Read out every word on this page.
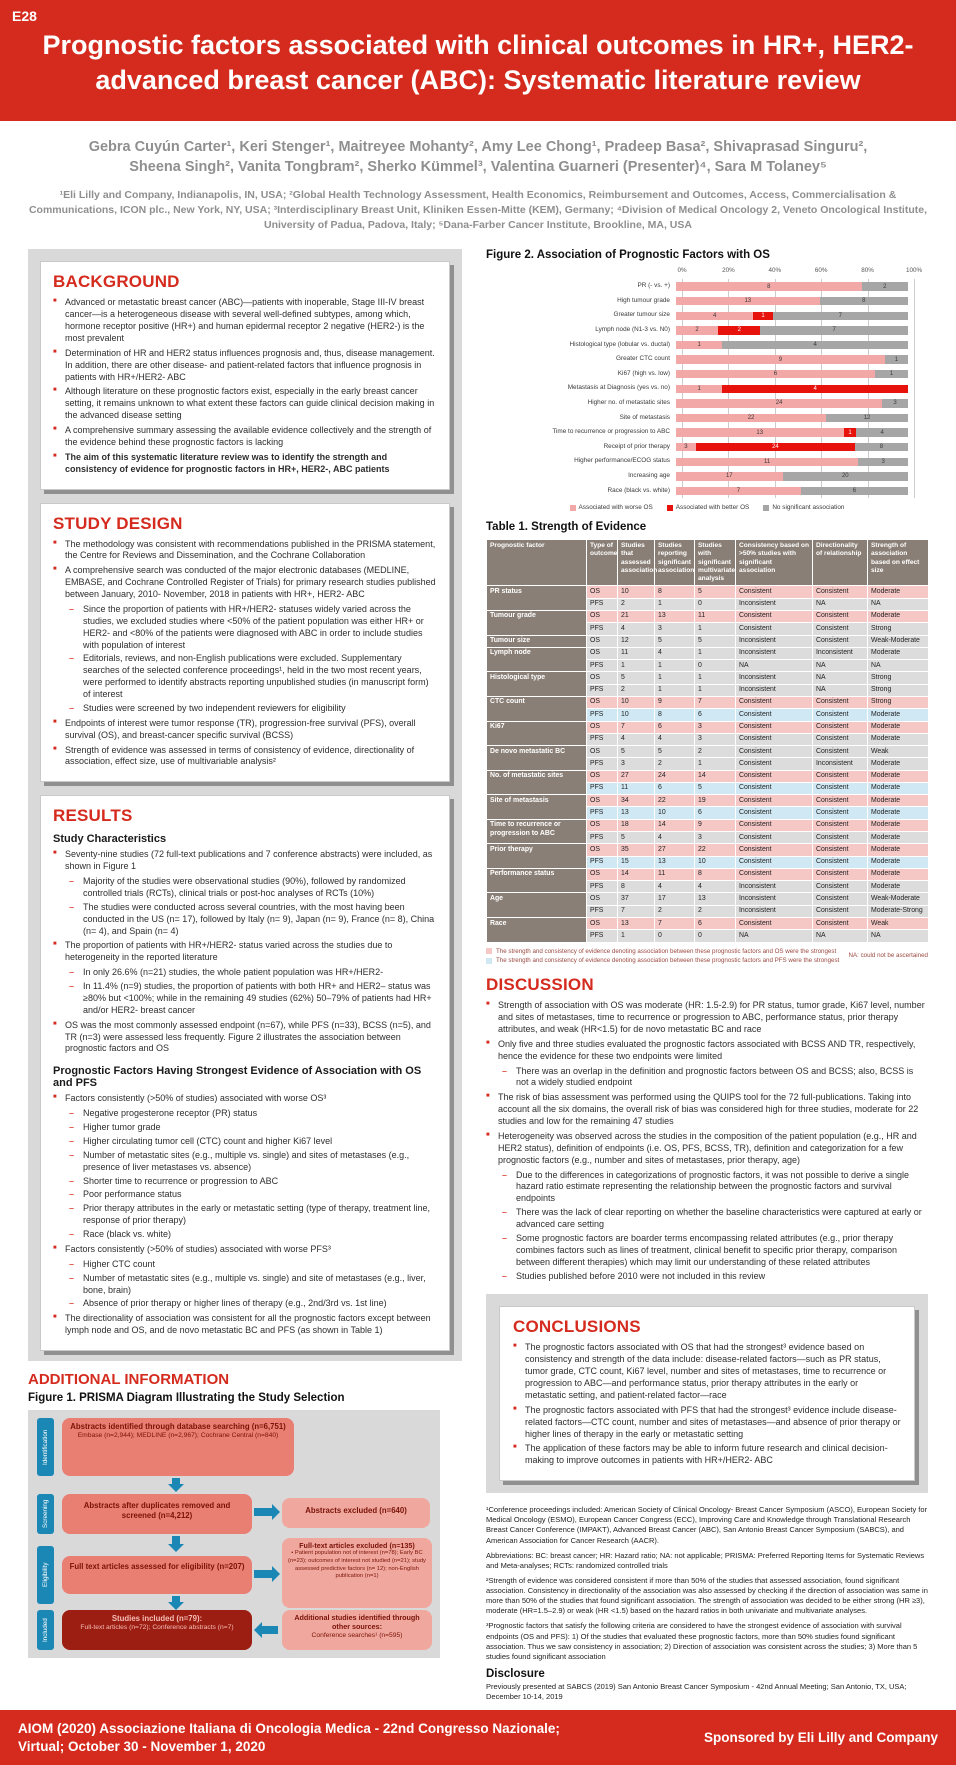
E28
Prognostic factors associated with clinical outcomes in HR+, HER2- advanced breast cancer (ABC): Systematic literature review
Gebra Cuyún Carter¹, Keri Stenger¹, Maitreyee Mohanty², Amy Lee Chong¹, Pradeep Basa², Shivaprasad Singuru²,
Sheena Singh², Vanita Tongbram², Sherko Kümmel³, Valentina Guarneri (Presenter)⁴, Sara M Tolaney⁵
¹Eli Lilly and Company, Indianapolis, IN, USA; ²Global Health Technology Assessment, Health Economics, Reimbursement and Outcomes, Access, Commercialisation & Communications, ICON plc., New York, NY, USA; ³Interdisciplinary Breast Unit, Kliniken Essen-Mitte (KEM), Germany; ⁴Division of Medical Oncology 2, Veneto Oncological Institute, University of Padua, Padova, Italy; ⁵Dana-Farber Cancer Institute, Brookline, MA, USA
BACKGROUND
■ Advanced or metastatic breast cancer (ABC)—patients with inoperable, Stage III-IV breast cancer—is a heterogeneous disease with several well-defined subtypes, among which, hormone receptor positive (HR+) and human epidermal receptor 2 negative (HER2-) is the most prevalent
■ Determination of HR and HER2 status influences prognosis and, thus, disease management. In addition, there are other disease- and patient-related factors that influence prognosis in patients with HR+/HER2- ABC
■ Although literature on these prognostic factors exist, especially in the early breast cancer setting, it remains unknown to what extent these factors can guide clinical decision making in the advanced disease setting
■ A comprehensive summary assessing the available evidence collectively and the strength of the evidence behind these prognostic factors is lacking
■ The aim of this systematic literature review was to identify the strength and consistency of evidence for prognostic factors in HR+, HER2-, ABC patients
STUDY DESIGN
■ The methodology was consistent with recommendations published in the PRISMA statement, the Centre for Reviews and Dissemination, and the Cochrane Collaboration
■ A comprehensive search was conducted of the major electronic databases (MEDLINE, EMBASE, and Cochrane Controlled Register of Trials) for primary research studies published between January, 2010- November, 2018 in patients with HR+, HER2- ABC
– Since the proportion of patients with HR+/HER2- statuses widely varied across the studies, we excluded studies where <50% of the patient population was either HR+ or HER2- and <80% of the patients were diagnosed with ABC in order to include studies with population of interest
– Editorials, reviews, and non-English publications were excluded. Supplementary searches of the selected conference proceedings¹, held in the two most recent years, were performed to identify abstracts reporting unpublished studies (in manuscript form) of interest
– Studies were screened by two independent reviewers for eligibility
■ Endpoints of interest were tumor response (TR), progression-free survival (PFS), overall survival (OS), and breast-cancer specific survival (BCSS)
■ Strength of evidence was assessed in terms of consistency of evidence, directionality of association, effect size, use of multivariable analysis²
RESULTS
Study Characteristics
■ Seventy-nine studies (72 full-text publications and 7 conference abstracts) were included, as shown in Figure 1
– Majority of the studies were observational studies (90%), followed by randomized controlled trials (RCTs), clinical trials or post-hoc analyses of RCTs (10%)
– The studies were conducted across several countries, with the most having been conducted in the US (n= 17), followed by Italy (n= 9), Japan (n= 9), France (n= 8), China (n= 4), and Spain (n= 4)
■ The proportion of patients with HR+/HER2- status varied across the studies due to heterogeneity in the reported literature
– In only 26.6% (n=21) studies, the whole patient population was HR+/HER2-
– In 11.4% (n=9) studies, the proportion of patients with both HR+ and HER2– status was ≥80% but <100%; while in the remaining 49 studies (62%) 50–79% of patients had HR+ and/or HER2- breast cancer
■ OS was the most commonly assessed endpoint (n=67), while PFS (n=33), BCSS (n=5), and TR (n=3) were assessed less frequently. Figure 2 illustrates the association between prognostic factors and OS
Prognostic Factors Having Strongest Evidence of Association with OS and PFS
■ Factors consistently (>50% of studies) associated with worse OS³
– Negative progesterone receptor (PR) status
– Higher tumor grade
– Higher circulating tumor cell (CTC) count and higher Ki67 level
– Number of metastatic sites (e.g., multiple vs. single) and sites of metastases (e.g., presence of liver metastases vs. absence)
– Shorter time to recurrence or progression to ABC
– Poor performance status
– Prior therapy attributes in the early or metastatic setting (type of therapy, treatment line, response of prior therapy)
– Race (black vs. white)
■ Factors consistently (>50% of studies) associated with worse PFS³
– Higher CTC count
– Number of metastatic sites (e.g., multiple vs. single) and site of metastases (e.g., liver, bone, brain)
– Absence of prior therapy or higher lines of therapy (e.g., 2nd/3rd vs. 1st line)
■ The directionality of association was consistent for all the prognostic factors except between lymph node and OS, and de novo metastatic BC and PFS (as shown in Table 1)
ADDITIONAL INFORMATION
Figure 1. PRISMA Diagram Illustrating the Study Selection
Identification
Screening
Eligibility
Included
Abstracts identified through database searching (n=6,751)
Embase (n=2,944); MEDLINE (n=2,967); Cochrane Central (n=840)
Abstracts after duplicates removed and screened (n=4,212)
Abstracts excluded (n=640)
Full text articles assessed for eligibility (n=207)
Full-text articles excluded (n=135)
• Patient population not of interest (n=78); Early BC (n=23); outcomes of interest not studied (n=21); study assessed predictive factors (n= 12); non-English publication (n=1)
Studies included (n=79):
Full-text articles (n=72); Conference abstracts (n=7)
Additional studies identified through other sources:
Conference searches¹ (n=595)
Figure 2. Association of Prognostic Factors with OS
0%	20%	40%	60%	80%	100%
PR (- vs. +)	8	2
High tumour grade	13	8
Greater tumour size	4	1	7
Lymph node (N1-3 vs. N0)	2	2	7
Histological type (lobular vs. ductal)	1	4
Greater CTC count	9	1
Ki67 (high vs. low)	6	1
Metastasis at Diagnosis (yes vs. no)	1	4
Higher no. of metastatic sites	24	3
Site of metastasis	22	12
Time to recurrence or progression to ABC	13	1	4
Receipt of prior therapy	3	24	8
Higher performance/ECOG status	11	3
Increasing age	17	20
Race (black vs. white)	7	6
Associated with worse OS	Associated with better OS	No significant association
Table 1. Strength of Evidence
Prognostic factor	Type of outcome	Studies that assessed association	Studies reporting significant association	Studies with significant multivariate analysis	Consistency based on >50% studies with significant association	Directionality of relationship	Strength of association based on effect size
PR status	OS	10	8	5	Consistent	Consistent	Moderate
	PFS	2	1	0	Inconsistent	NA	NA
Tumour grade	OS	21	13	11	Consistent	Consistent	Moderate
	PFS	4	3	1	Consistent	Consistent	Strong
Tumour size	OS	12	5	5	Inconsistent	Consistent	Weak-Moderate
Lymph node	OS	11	4	1	Inconsistent	Inconsistent	Moderate
	PFS	1	1	0	NA	NA	NA
Histological type	OS	5	1	1	Inconsistent	NA	Strong
	PFS	2	1	1	Inconsistent	NA	Strong
CTC count	OS	10	9	7	Consistent	Consistent	Strong
	PFS	10	8	6	Consistent	Consistent	Moderate
Ki67	OS	7	6	3	Consistent	Consistent	Moderate
	PFS	4	4	3	Consistent	Consistent	Moderate
De novo metastatic BC	OS	5	5	2	Consistent	Consistent	Weak
	PFS	3	2	1	Consistent	Inconsistent	Moderate
No. of metastatic sites	OS	27	24	14	Consistent	Consistent	Moderate
	PFS	11	6	5	Consistent	Consistent	Moderate
Site of metastasis	OS	34	22	19	Consistent	Consistent	Moderate
	PFS	13	10	6	Consistent	Consistent	Moderate
Time to recurrence or progression to ABC	OS	18	14	9	Consistent	Consistent	Moderate
	PFS	5	4	3	Consistent	Consistent	Moderate
Prior therapy	OS	35	27	22	Consistent	Consistent	Moderate
	PFS	15	13	10	Consistent	Consistent	Moderate
Performance status	OS	14	11	8	Consistent	Consistent	Moderate
	PFS	8	4	4	Inconsistent	Consistent	Moderate
Age	OS	37	17	13	Inconsistent	Consistent	Weak-Moderate
	PFS	7	2	2	Inconsistent	Consistent	Moderate-Strong
Race	OS	13	7	6	Consistent	Consistent	Weak
	PFS	1	0	0	NA	NA	NA
The strength and consistency of evidence denoting association between these prognostic factors and OS were the strongest
The strength and consistency of evidence denoting association between these prognostic factors and PFS were the strongest
NA: could not be ascertained
DISCUSSION
■ Strength of association with OS was moderate (HR: 1.5-2.9) for PR status, tumor grade, Ki67 level, number and sites of metastases, time to recurrence or progression to ABC, performance status, prior therapy attributes, and weak (HR<1.5) for de novo metastatic BC and race
■ Only five and three studies evaluated the prognostic factors associated with BCSS AND TR, respectively, hence the evidence for these two endpoints were limited
– There was an overlap in the definition and prognostic factors between OS and BCSS; also, BCSS is not a widely studied endpoint
■ The risk of bias assessment was performed using the QUIPS tool for the 72 full-publications. Taking into account all the six domains, the overall risk of bias was considered high for three studies, moderate for 22 studies and low for the remaining 47 studies
■ Heterogeneity was observed across the studies in the composition of the patient population (e.g., HR and HER2 status), definition of endpoints (i.e. OS, PFS, BCSS, TR), definition and categorization for a few prognostic factors (e.g., number and sites of metastases, prior therapy, age)
– Due to the differences in categorizations of prognostic factors, it was not possible to derive a single hazard ratio estimate representing the relationship between the prognostic factors and survival endpoints
– There was the lack of clear reporting on whether the baseline characteristics were captured at early or advanced care setting
– Some prognostic factors are boarder terms encompassing related attributes (e.g., prior therapy combines factors such as lines of treatment, clinical benefit to specific prior therapy, comparison between different therapies) which may limit our understanding of these related attributes
– Studies published before 2010 were not included in this review
CONCLUSIONS
■ The prognostic factors associated with OS that had the strongest³ evidence based on consistency and strength of the data include: disease-related factors—such as PR status, tumor grade, CTC count, Ki67 level, number and sites of metastases, time to recurrence or progression to ABC—and performance status, prior therapy attributes in the early or metastatic setting, and patient-related factor—race
■ The prognostic factors associated with PFS that had the strongest³ evidence include disease-related factors—CTC count, number and sites of metastases—and absence of prior therapy or higher lines of therapy in the early or metastatic setting
■ The application of these factors may be able to inform future research and clinical decision-making to improve outcomes in patients with HR+/HER2- ABC

¹Conference proceedings included: American Society of Clinical Oncology- Breast Cancer Symposium (ASCO), European Society for Medical Oncology (ESMO), European Cancer Congress (ECC), Improving Care and Knowledge through Translational Research Breast Cancer Conference (IMPAKT), Advanced Breast Cancer (ABC), San Antonio Breast Cancer Symposium (SABCS), and American Association for Cancer Research (AACR).

Abbreviations: BC: breast cancer; HR: Hazard ratio; NA: not applicable; PRISMA: Preferred Reporting Items for Systematic Reviews and Meta-analyses; RCTs: randomized controlled trials

²Strength of evidence was considered consistent if more than 50% of the studies that assessed association, found significant association. Consistency in directionality of the association was also assessed by checking if the direction of association was same in more than 50% of the studies that found significant association. The strength of association was decided to be either strong (HR ≥3), moderate (HR=1.5–2.9) or weak (HR <1.5) based on the hazard ratios in both univariate and multivariate analyses.

³Prognostic factors that satisfy the following criteria are considered to have the strongest evidence of association with survival endpoints (OS and PFS): 1) Of the studies that evaluated these prognostic factors, more than 50% studies found significant association. Thus we saw consistency in association; 2) Direction of association was consistent across the studies; 3) More than 5 studies found significant association

Disclosure
Previously presented at SABCS (2019) San Antonio Breast Cancer Symposium - 42nd Annual Meeting; San Antonio, TX, USA; December 10-14, 2019
AIOM (2020) Associazione Italiana di Oncologia Medica - 22nd Congresso Nazionale; Virtual; October 30 - November 1, 2020
Sponsored by Eli Lilly and Company
